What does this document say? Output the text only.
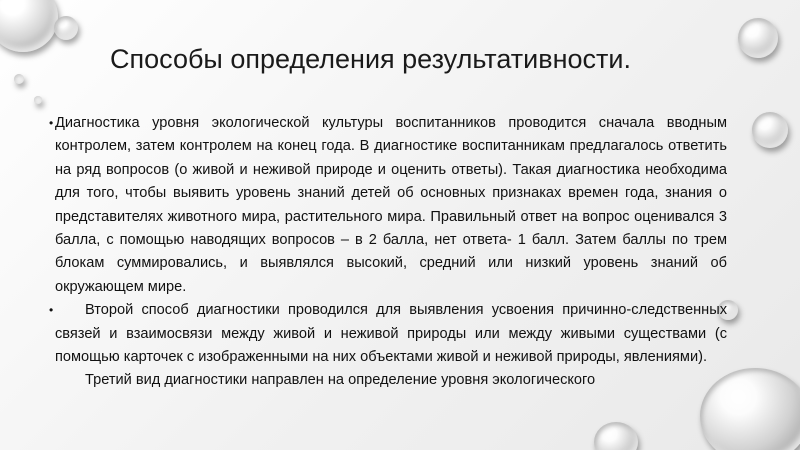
Способы определения результативности.

• Диагностика уровня экологической культуры воспитанников проводится сначала вводным контролем, затем контролем на конец года. В диагностике воспитанникам предлагалось ответить на ряд вопросов (о живой и неживой природе и оценить ответы). Такая диагностика необходима для того, чтобы выявить уровень знаний детей об основных признаках времен года, знания о представителях животного мира, растительного мира. Правильный ответ на вопрос оценивался 3 балла, с помощью наводящих вопросов – в 2 балла, нет ответа- 1 балл. Затем баллы по трем блокам суммировались, и выявлялся высокий, средний или низкий уровень знаний об окружающем мире.

• Второй способ диагностики проводился для выявления усвоения причинно-следственных связей и взаимосвязи между живой и неживой природы или между живыми существами (с помощью карточек с изображенными на них объектами живой и неживой природы, явлениями).

Третий вид диагностики направлен на определение уровня экологического
